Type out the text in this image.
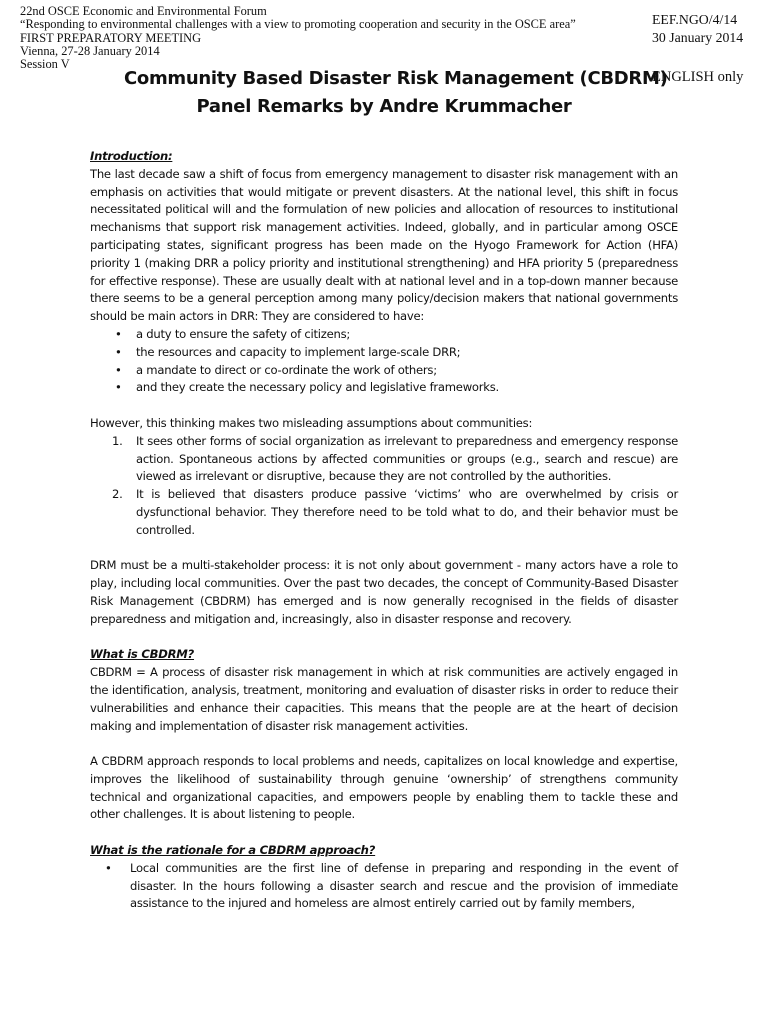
22nd OSCE Economic and Environmental Forum
“Responding to environmental challenges with a view to promoting cooperation and security in the OSCE area”
FIRST PREPARATORY MEETING
Vienna, 27-28 January 2014
Session V
EEF.NGO/4/14
30 January 2014
ENGLISH only
Community Based Disaster Risk Management (CBDRM)
Panel Remarks by Andre Krummacher

Introduction:

The last decade saw a shift of focus from emergency management to disaster risk management with an emphasis on activities that would mitigate or prevent disasters. At the national level, this shift in focus necessitated political will and the formulation of new policies and allocation of resources to institutional mechanisms that support risk management activities. Indeed, globally, and in particular among OSCE participating states, significant progress has been made on the Hyogo Framework for Action (HFA) priority 1 (making DRR a policy priority and institutional strengthening) and HFA priority 5 (preparedness for effective response). These are usually dealt with at national level and in a top-down manner because there seems to be a general perception among many policy/decision makers that national governments should be main actors in DRR: They are considered to have:

• a duty to ensure the safety of citizens;
• the resources and capacity to implement large-scale DRR;
• a mandate to direct or co-ordinate the work of others;
• and they create the necessary policy and legislative frameworks.

However, this thinking makes two misleading assumptions about communities:

1. It sees other forms of social organization as irrelevant to preparedness and emergency response action. Spontaneous actions by affected communities or groups (e.g., search and rescue) are viewed as irrelevant or disruptive, because they are not controlled by the authorities.
2. It is believed that disasters produce passive ‘victims’ who are overwhelmed by crisis or dysfunctional behavior. They therefore need to be told what to do, and their behavior must be controlled.

DRM must be a multi-stakeholder process: it is not only about government - many actors have a role to play, including local communities. Over the past two decades, the concept of Community-Based Disaster Risk Management (CBDRM) has emerged and is now generally recognised in the fields of disaster preparedness and mitigation and, increasingly, also in disaster response and recovery.

What is CBDRM?

CBDRM = A process of disaster risk management in which at risk communities are actively engaged in the identification, analysis, treatment, monitoring and evaluation of disaster risks in order to reduce their vulnerabilities and enhance their capacities. This means that the people are at the heart of decision making and implementation of disaster risk management activities.

A CBDRM approach responds to local problems and needs, capitalizes on local knowledge and expertise, improves the likelihood of sustainability through genuine ‘ownership’ of strengthens community technical and organizational capacities, and empowers people by enabling them to tackle these and other challenges. It is about listening to people.

What is the rationale for a CBDRM approach?

• Local communities are the first line of defense in preparing and responding in the event of disaster. In the hours following a disaster search and rescue and the provision of immediate assistance to the injured and homeless are almost entirely carried out by family members,
